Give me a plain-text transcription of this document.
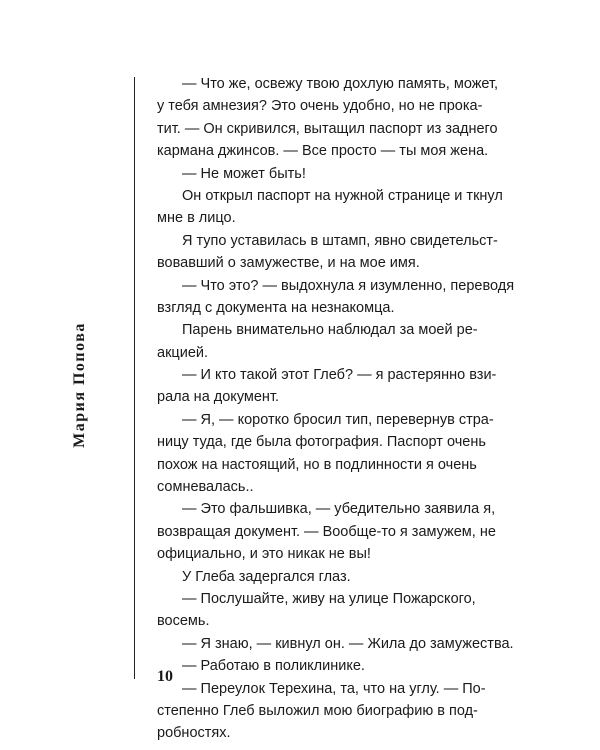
Мария Попова
— Что же, освежу твою дохлую память, может,
у тебя амнезия? Это очень удобно, но не прока-
тит. — Он скривился, вытащил паспорт из заднего
кармана джинсов. — Все просто — ты моя жена.
— Не может быть!
Он открыл паспорт на нужной странице и ткнул
мне в лицо.
Я тупо уставилась в штамп, явно свидетельст-
вовавший о замужестве, и на мое имя.
— Что это? — выдохнула я изумленно, переводя
взгляд с документа на незнакомца.
Парень внимательно наблюдал за моей ре-
акцией.
— И кто такой этот Глеб? — я растерянно взи-
рала на документ.
— Я, — коротко бросил тип, перевернув стра-
ницу туда, где была фотография. Паспорт очень
похож на настоящий, но в подлинности я очень
сомневалась..
— Это фальшивка, — убедительно заявила я,
возвращая документ. — Вообще-то я замужем, не
официально, и это никак не вы!
У Глеба задергался глаз.
— Послушайте, живу на улице Пожарского,
восемь.
— Я знаю, — кивнул он. — Жила до замужества.
— Работаю в поликлинике.
— Переулок Терехина, та, что на углу. — По-
степенно Глеб выложил мою биографию в под-
робностях.
10
